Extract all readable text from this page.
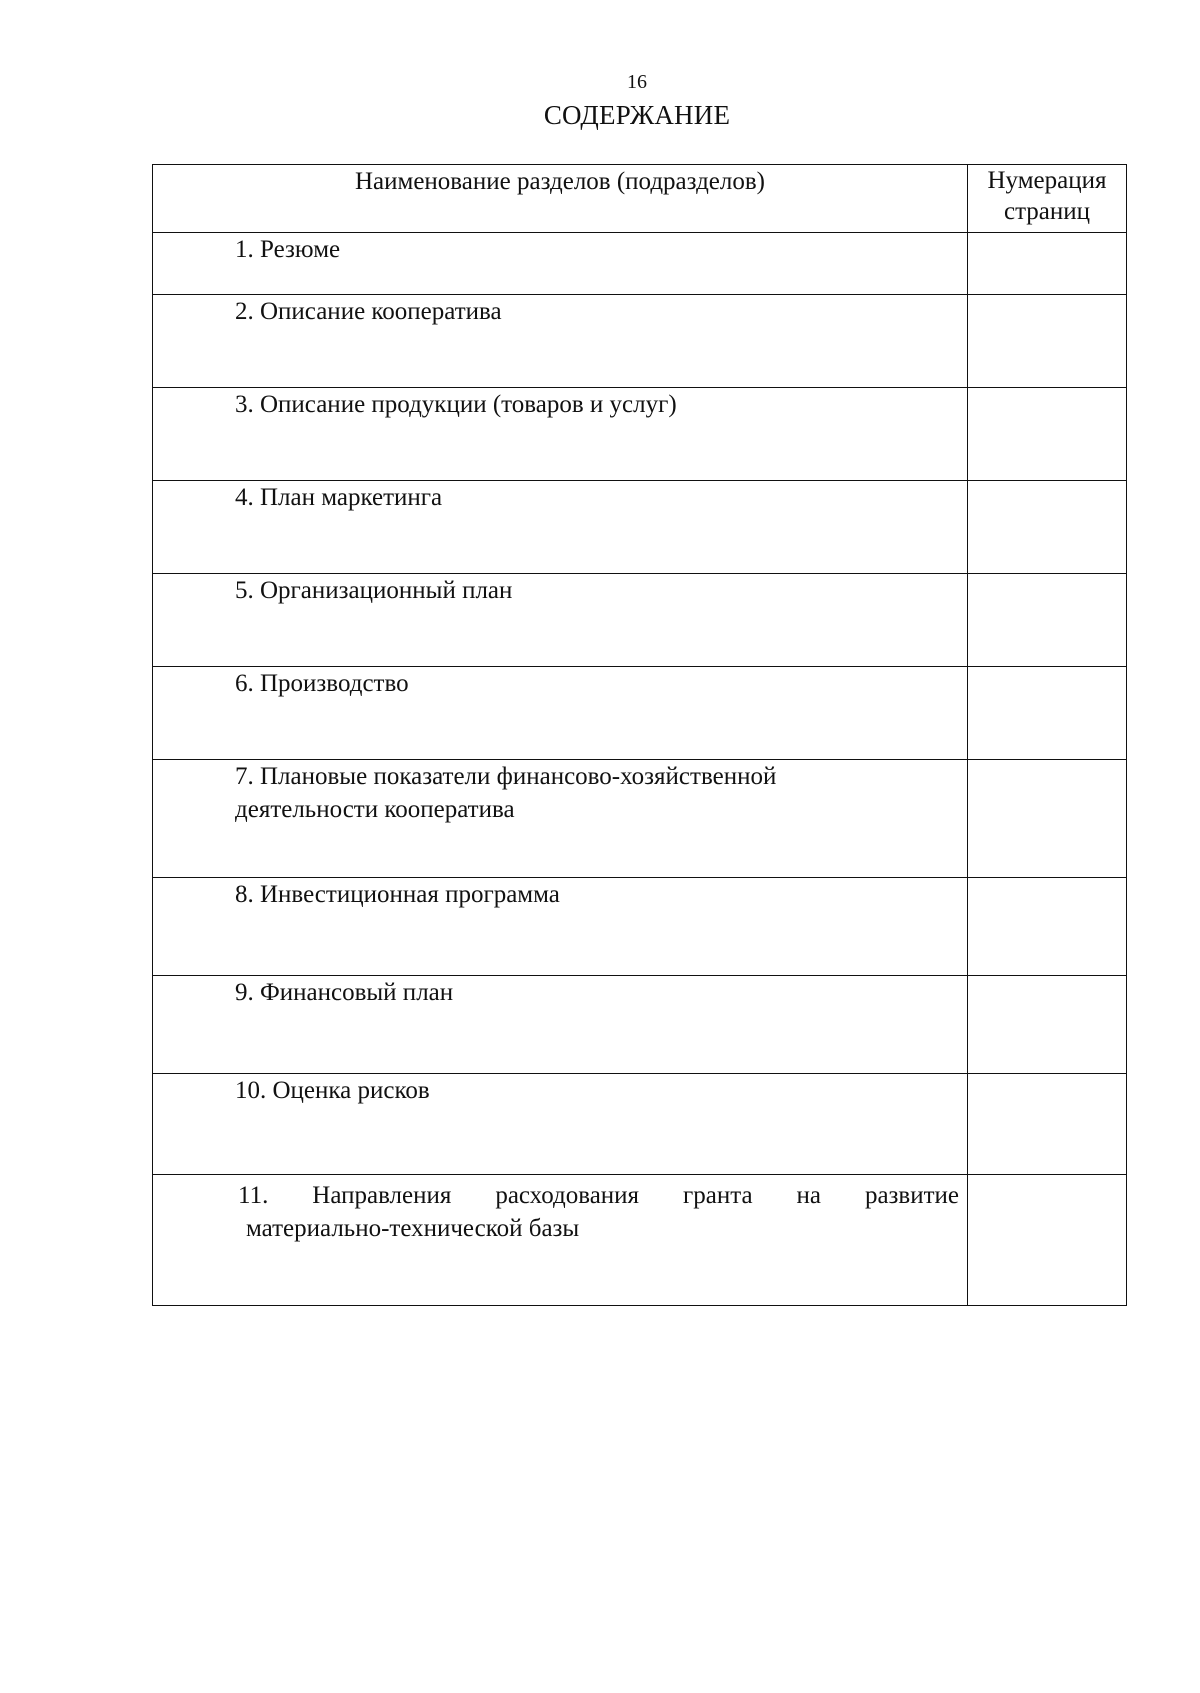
16
СОДЕРЖАНИЕ
Наименование разделов (подразделов)	Нумерация
страниц

1. Резюме	

2. Описание кооператива	

3. Описание продукции (товаров и услуг)	

4. План маркетинга	

5. Организационный план	

6. Производство	

7. Плановые показатели финансово-хозяйственной деятельности кооператива	

8. Инвестиционная программа	

9. Финансовый план	

10. Оценка рисков	

11. Направления расходования гранта на развитие
материально-технической базы	
